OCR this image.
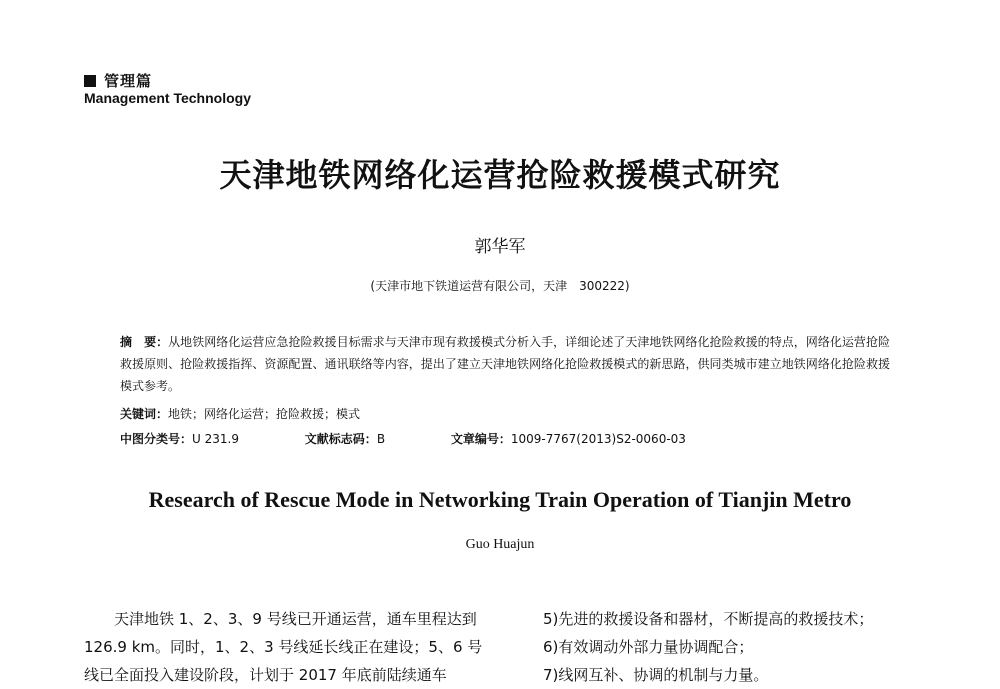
管理篇
Management Technology
天津地铁网络化运营抢险救援模式研究
郭华军
(天津市地下铁道运营有限公司，天津　300222)
摘　要：从地铁网络化运营应急抢险救援目标需求与天津市现有救援模式分析入手，详细论述了天津地铁网络化抢险救援的特点，网络化运营抢险救援原则、抢险救援指挥、资源配置、通讯联络等内容，提出了建立天津地铁网络化抢险救援模式的新思路，供同类城市建立地铁网络化抢险救援模式参考。
关键词：地铁；网络化运营；抢险救援；模式
中图分类号：U 231.9	文献标志码：B	文章编号：1009-7767(2013)S2-0060-03
Research of Rescue Mode in Networking Train Operation of Tianjin Metro
Guo Huajun

天津地铁 1、2、3、9 号线已开通运营，通车里程达到 126.9 km。同时，1、2、3 号线延长线正在建设；5、6 号线已全面投入建设阶段，计划于 2017 年底前陆续通车

5)先进的救援设备和器材，不断提高的救援技术；
6)有效调动外部力量协调配合；
7)线网互补、协调的机制与力量。
